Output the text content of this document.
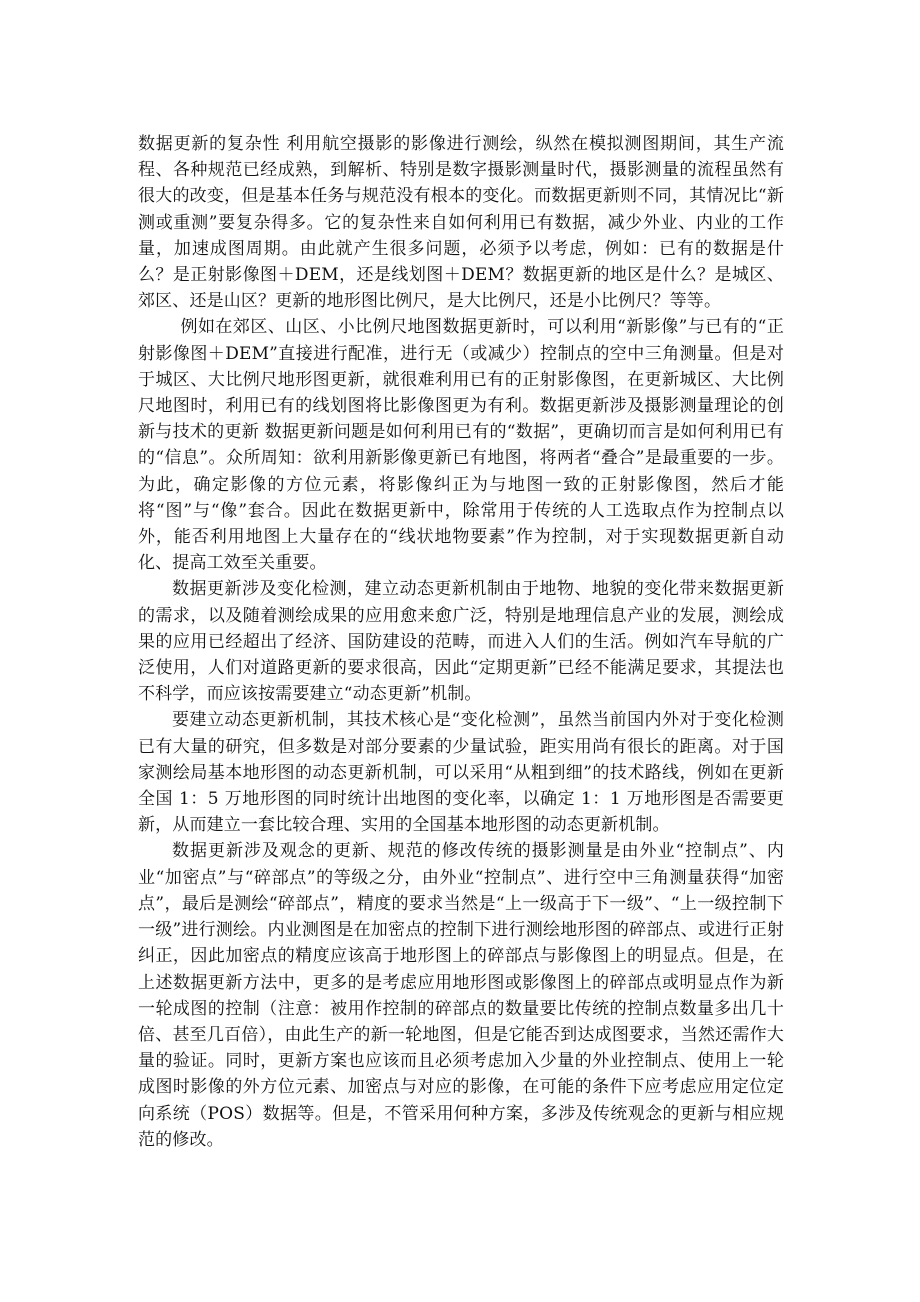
数据更新的复杂性 利用航空摄影的影像进行测绘，纵然在模拟测图期间，其生产流程、各种规范已经成熟，到解析、特别是数字摄影测量时代，摄影测量的流程虽然有很大的改变，但是基本任务与规范没有根本的变化。而数据更新则不同，其情况比“新测或重测”要复杂得多。它的复杂性来自如何利用已有数据，减少外业、内业的工作量，加速成图周期。由此就产生很多问题，必须予以考虑，例如：已有的数据是什么？是正射影像图＋DEM，还是线划图＋DEM？数据更新的地区是什么？是城区、郊区、还是山区？更新的地形图比例尺，是大比例尺，还是小比例尺？等等。

例如在郊区、山区、小比例尺地图数据更新时，可以利用“新影像”与已有的“正射影像图＋DEM”直接进行配准，进行无（或减少）控制点的空中三角测量。但是对于城区、大比例尺地形图更新，就很难利用已有的正射影像图，在更新城区、大比例尺地图时，利用已有的线划图将比影像图更为有利。数据更新涉及摄影测量理论的创新与技术的更新 数据更新问题是如何利用已有的“数据”，更确切而言是如何利用已有的“信息”。众所周知：欲利用新影像更新已有地图，将两者“叠合”是最重要的一步。为此，确定影像的方位元素，将影像纠正为与地图一致的正射影像图，然后才能将“图”与“像”套合。因此在数据更新中，除常用于传统的人工选取点作为控制点以外，能否利用地图上大量存在的“线状地物要素”作为控制，对于实现数据更新自动化、提高工效至关重要。

数据更新涉及变化检测，建立动态更新机制由于地物、地貌的变化带来数据更新的需求，以及随着测绘成果的应用愈来愈广泛，特别是地理信息产业的发展，测绘成果的应用已经超出了经济、国防建设的范畴，而进入人们的生活。例如汽车导航的广泛使用，人们对道路更新的要求很高，因此“定期更新”已经不能满足要求，其提法也不科学，而应该按需要建立“动态更新”机制。

要建立动态更新机制，其技术核心是“变化检测”，虽然当前国内外对于变化检测已有大量的研究，但多数是对部分要素的少量试验，距实用尚有很长的距离。对于国家测绘局基本地形图的动态更新机制，可以采用“从粗到细”的技术路线，例如在更新全国 1：5 万地形图的同时统计出地图的变化率，以确定 1：1 万地形图是否需要更新，从而建立一套比较合理、实用的全国基本地形图的动态更新机制。

数据更新涉及观念的更新、规范的修改传统的摄影测量是由外业“控制点”、内业“加密点”与“碎部点”的等级之分，由外业“控制点”、进行空中三角测量获得“加密点”，最后是测绘“碎部点”，精度的要求当然是“上一级高于下一级”、“上一级控制下一级”进行测绘。内业测图是在加密点的控制下进行测绘地形图的碎部点、或进行正射纠正，因此加密点的精度应该高于地形图上的碎部点与影像图上的明显点。但是，在上述数据更新方法中，更多的是考虑应用地形图或影像图上的碎部点或明显点作为新一轮成图的控制（注意：被用作控制的碎部点的数量要比传统的控制点数量多出几十倍、甚至几百倍），由此生产的新一轮地图，但是它能否到达成图要求，当然还需作大量的验证。同时，更新方案也应该而且必须考虑加入少量的外业控制点、使用上一轮成图时影像的外方位元素、加密点与对应的影像，在可能的条件下应考虑应用定位定向系统（POS）数据等。但是，不管采用何种方案，多涉及传统观念的更新与相应规范的修改。
